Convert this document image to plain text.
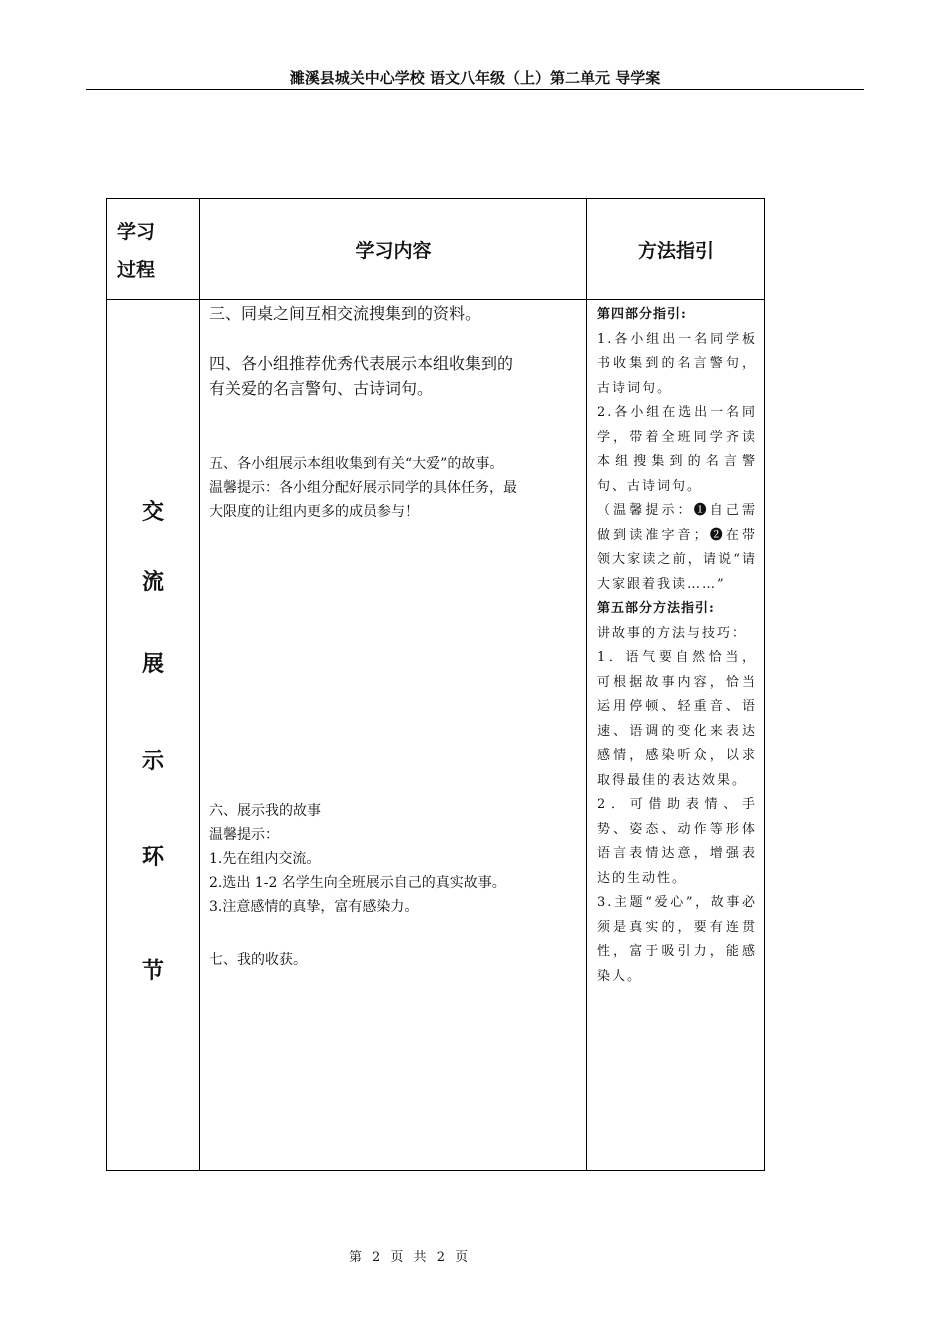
濉溪县城关中心学校 语文八年级（上）第二单元 导学案
学习
过程
学习内容	方法指引
交
流
展
示
环
节

三、同桌之间互相交流搜集到的资料。

四、各小组推荐优秀代表展示本组收集到的

有关爱的名言警句、古诗词句。

五、各小组展示本组收集到有关“大爱”的故事。

温馨提示：各小组分配好展示同学的具体任务，最

大限度的让组内更多的成员参与！

六、展示我的故事

温馨提示：

1.先在组内交流。

2.选出 1-2 名学生向全班展示自己的真实故事。

3.注意感情的真挚，富有感染力。

七、我的收获。

第四部分指引:

1.各小组出一名同学板书收集到的名言警句，古诗词句。

2.各小组在选出一名同学，带着全班同学齐读本组搜集到的名言警句、古诗词句。

（温馨提示：❶自己需做到读准字音；❷在带领大家读之前，请说“请大家跟着我读……”

第五部分方法指引:

讲故事的方法与技巧：

1．语气要自然恰当，可根据故事内容，恰当运用停顿、轻重音、语速、语调的变化来表达感情，感染听众，以求取得最佳的表达效果。

2．可借助表情、手势、姿态、动作等形体语言表情达意，增强表达的生动性。

3.主题“爱心”，故事必须是真实的，要有连贯性，富于吸引力，能感染人。

第 2 页 共 2 页
